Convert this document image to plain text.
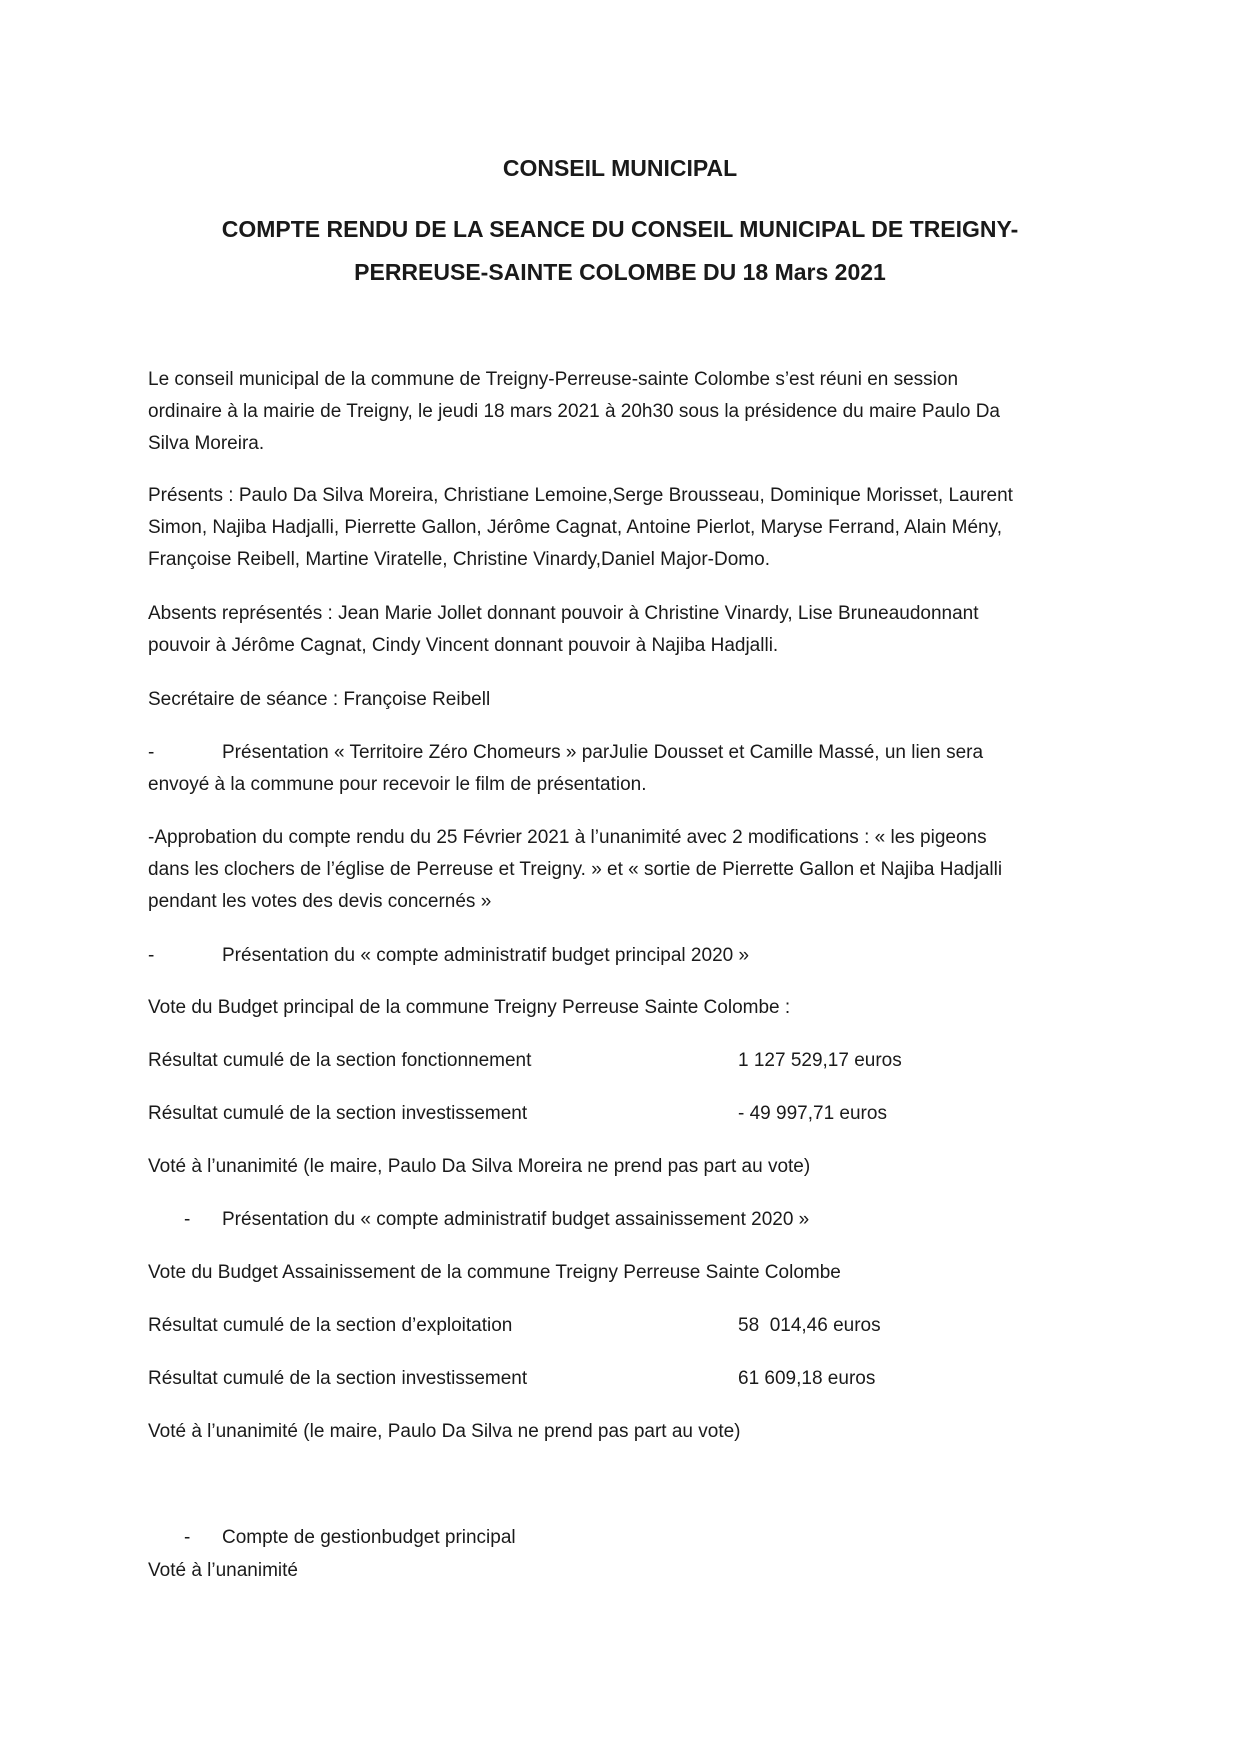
CONSEIL MUNICIPAL
COMPTE RENDU DE LA SEANCE DU CONSEIL MUNICIPAL DE TREIGNY-
PERREUSE-SAINTE COLOMBE DU 18 Mars 2021
Le conseil municipal de la commune de Treigny-Perreuse-sainte Colombe s’est réuni en session
ordinaire à la mairie de Treigny, le jeudi 18 mars 2021 à 20h30 sous la présidence du maire Paulo Da
Silva Moreira.
Présents : Paulo Da Silva Moreira, Christiane Lemoine,Serge Brousseau, Dominique Morisset, Laurent
Simon, Najiba Hadjalli, Pierrette Gallon, Jérôme Cagnat, Antoine Pierlot, Maryse Ferrand, Alain Mény,
Françoise Reibell, Martine Viratelle, Christine Vinardy,Daniel Major-Domo.
Absents représentés : Jean Marie Jollet donnant pouvoir à Christine Vinardy, Lise Bruneaudonnant
pouvoir à Jérôme Cagnat, Cindy Vincent donnant pouvoir à Najiba Hadjalli.
Secrétaire de séance : Françoise Reibell
-	Présentation « Territoire Zéro Chomeurs » parJulie Dousset et Camille Massé, un lien sera
envoyé à la commune pour recevoir le film de présentation.
-Approbation du compte rendu du 25 Février 2021 à l’unanimité avec 2 modifications : « les pigeons
dans les clochers de l’église de Perreuse et Treigny. » et « sortie de Pierrette Gallon et Najiba Hadjalli
pendant les votes des devis concernés »
-	Présentation du « compte administratif budget principal 2020 »
Vote du Budget principal de la commune Treigny Perreuse Sainte Colombe :
Résultat cumulé de la section fonctionnement	1 127 529,17 euros
Résultat cumulé de la section investissement	- 49 997,71 euros
Voté à l’unanimité (le maire, Paulo Da Silva Moreira ne prend pas part au vote)
- Présentation du « compte administratif budget assainissement 2020 »
Vote du Budget Assainissement de la commune Treigny Perreuse Sainte Colombe
Résultat cumulé de la section d’exploitation	58  014,46 euros
Résultat cumulé de la section investissement	61 609,18 euros
Voté à l’unanimité (le maire, Paulo Da Silva ne prend pas part au vote)
- Compte de gestionbudget principal
Voté à l’unanimité
